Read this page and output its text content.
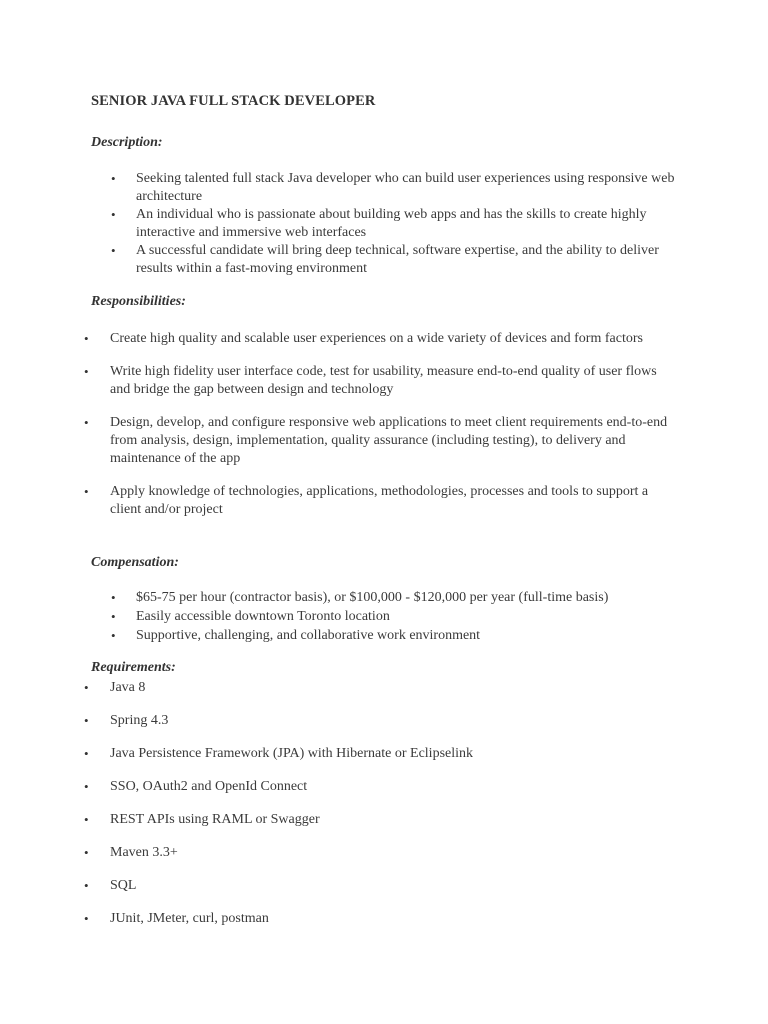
SENIOR JAVA FULL STACK DEVELOPER
Description:
• Seeking talented full stack Java developer who can build user experiences using responsive web architecture
• An individual who is passionate about building web apps and has the skills to create highly interactive and immersive web interfaces
• A successful candidate will bring deep technical, software expertise, and the ability to deliver results within a fast-moving environment
Responsibilities:
• Create high quality and scalable user experiences on a wide variety of devices and form factors
• Write high fidelity user interface code, test for usability, measure end-to-end quality of user flows and bridge the gap between design and technology
• Design, develop, and configure responsive web applications to meet client requirements end-to-end from analysis, design, implementation, quality assurance (including testing), to delivery and maintenance of the app
• Apply knowledge of technologies, applications, methodologies, processes and tools to support a client and/or project
Compensation:
• $65-75 per hour (contractor basis), or $100,000 - $120,000 per year (full-time basis)
• Easily accessible downtown Toronto location
• Supportive, challenging, and collaborative work environment
Requirements:
• Java 8
• Spring 4.3
• Java Persistence Framework (JPA) with Hibernate or Eclipselink
• SSO, OAuth2 and OpenId Connect
• REST APIs using RAML or Swagger
• Maven 3.3+
• SQL
• JUnit, JMeter, curl, postman
